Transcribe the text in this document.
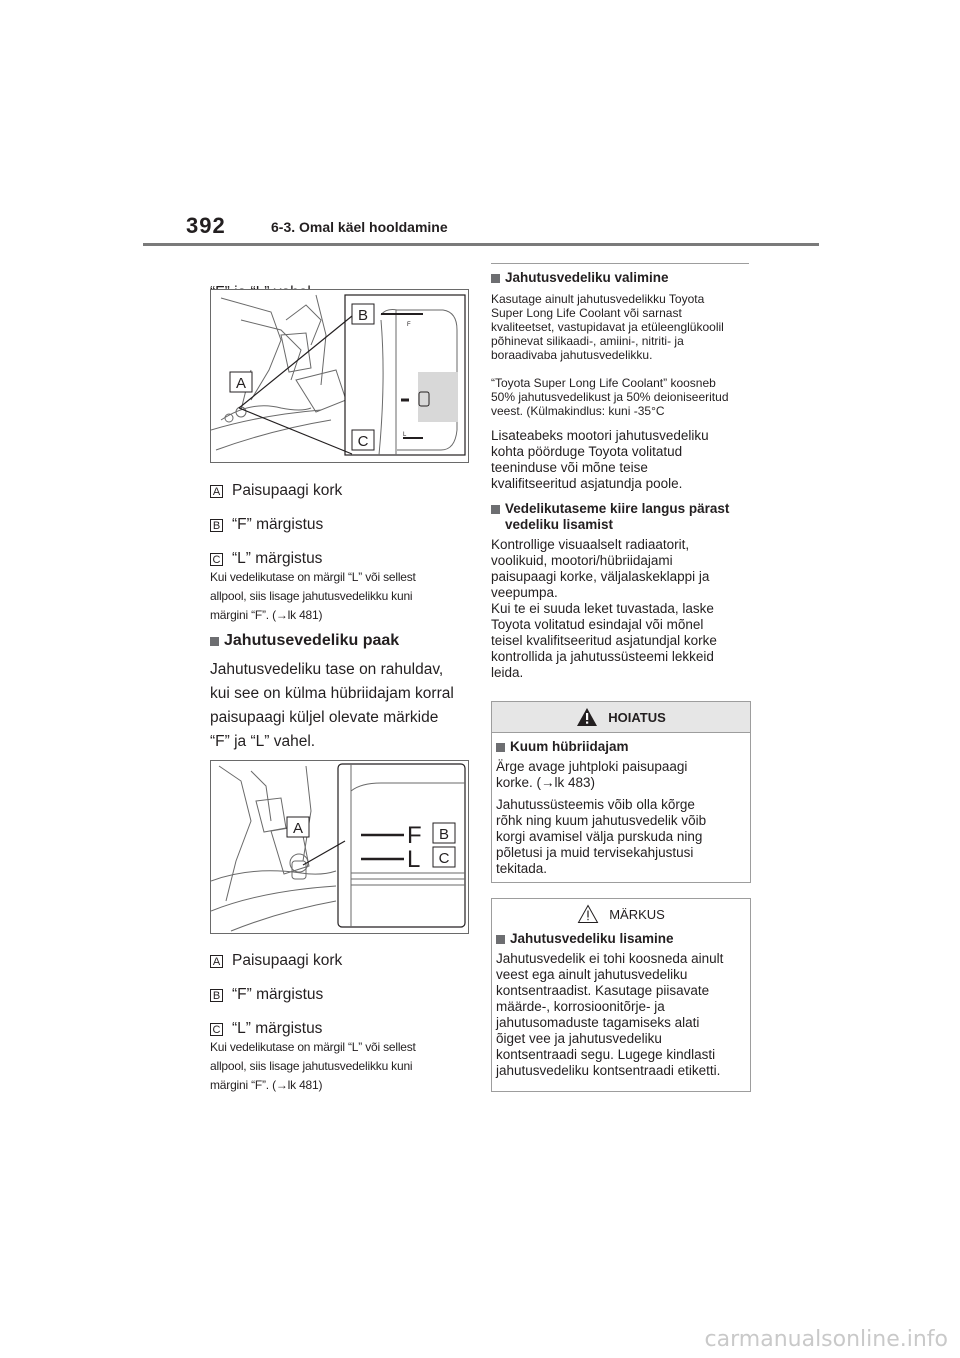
392	6-3. Omal käel hooldamine
F
L
A
B
C
A Paisupaagi kork
B “F” märgistus
C “L” märgistus
Kui vedelikutase on märgil “L” või sellest
allpool, siis lisage jahutusvedelikku kuni
märgini “F”. (→lk 481)
Jahutusevedeliku paak
Jahutusvedeliku tase on rahuldav,
kui see on külma hübriidajam korral
paisupaagi küljel olevate märkide
“F” ja “L” vahel.
F
L
A	B
C
A Paisupaagi kork
B “F” märgistus
C “L” märgistus
Kui vedelikutase on märgil “L” või sellest
allpool, siis lisage jahutusvedelikku kuni
märgini “F”. (→lk 481)
Jahutusvedeliku valimine
Kasutage ainult jahutusvedelikku Toyota
Super Long Life Coolant või sarnast
kvaliteetset, vastupidavat ja etüleenglükoolil
põhinevat silikaadi-, amiini-, nitriti- ja
boraadivaba jahutusvedelikku.
“Toyota Super Long Life Coolant” koosneb
50% jahutusvedelikust ja 50% deioniseeritud
veest. (Külmakindlus: kuni -35°C
Lisateabeks mootori jahutusvedeliku
kohta pöörduge Toyota volitatud
teeninduse või mõne teise
kvalifitseeritud asjatundja poole.
Vedelikutaseme kiire langus pärast
vedeliku lisamist
Kontrollige visuaalselt radiaatorit,
voolikuid, mootori/hübriidajami
paisupaagi korke, väljalaskeklappi ja
veepumpa.
Kui te ei suuda leket tuvastada, laske
Toyota volitatud esindajal või mõnel
teisel kvalifitseeritud asjatundjal korke
kontrollida ja jahutussüsteemi lekkeid
leida.
HOIATUS
Kuum hübriidajam
Ärge avage juhtploki paisupaagi
korke. (→lk 483)
Jahutussüsteemis võib olla kõrge
rõhk ning kuum jahutusvedelik võib
korgi avamisel välja purskuda ning
põletusi ja muid tervisekahjustusi
tekitada.
MÄRKUS
Jahutusvedeliku lisamine
Jahutusvedelik ei tohi koosneda ainult
veest ega ainult jahutusvedeliku
kontsentraadist. Kasutage piisavate
määrde-, korrosioonitõrje- ja
jahutusomaduste tagamiseks alati
õiget vee ja jahutusvedeliku
kontsentraadi segu. Lugege kindlasti
jahutusvedeliku kontsentraadi etiketti.
carmanualsonline.info
